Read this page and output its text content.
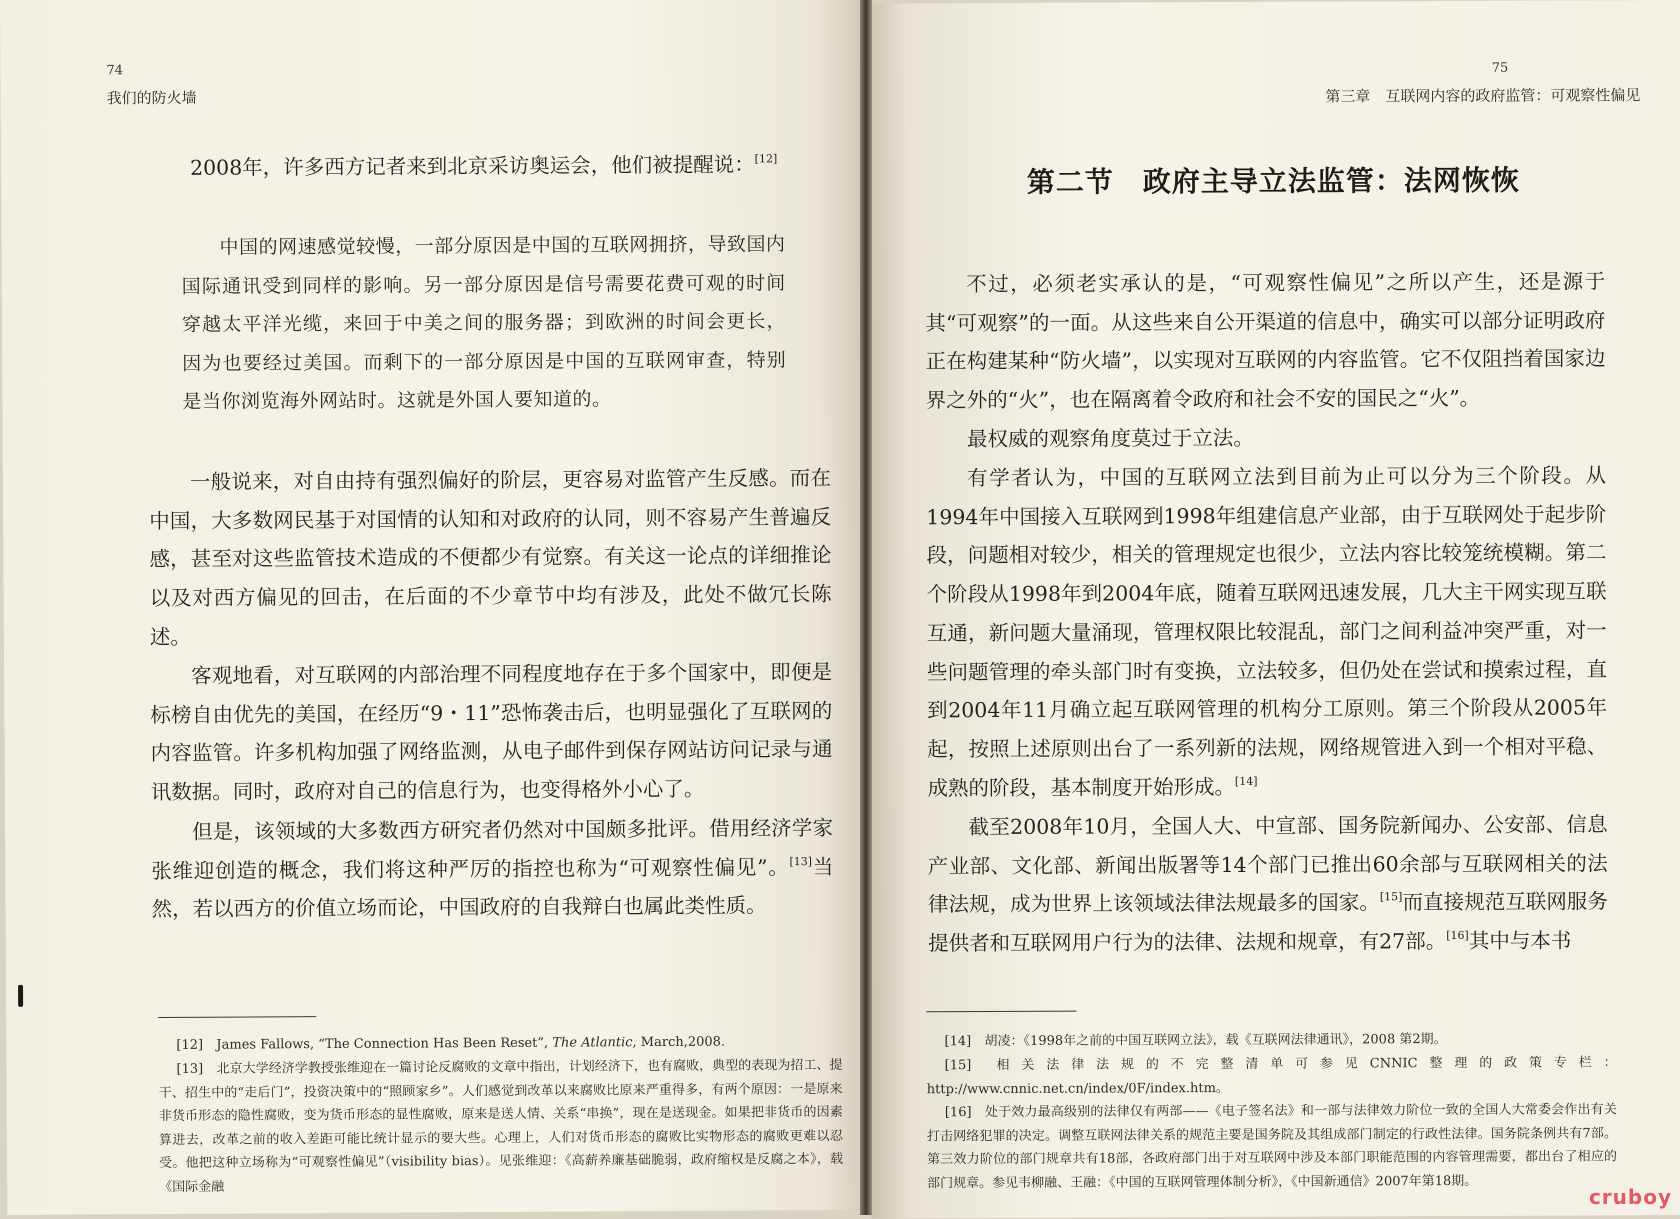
74
我们的防火墙

2008年，许多西方记者来到北京采访奥运会，他们被提醒说：[12]

中国的网速感觉较慢，一部分原因是中国的互联网拥挤，导致国内国际通讯受到同样的影响。另一部分原因是信号需要花费可观的时间穿越太平洋光缆，来回于中美之间的服务器；到欧洲的时间会更长，因为也要经过美国。而剩下的一部分原因是中国的互联网审查，特别是当你浏览海外网站时。这就是外国人要知道的。

一般说来，对自由持有强烈偏好的阶层，更容易对监管产生反感。而在中国，大多数网民基于对国情的认知和对政府的认同，则不容易产生普遍反感，甚至对这些监管技术造成的不便都少有觉察。有关这一论点的详细推论以及对西方偏见的回击，在后面的不少章节中均有涉及，此处不做冗长陈述。

客观地看，对互联网的内部治理不同程度地存在于多个国家中，即便是标榜自由优先的美国，在经历“9・11”恐怖袭击后，也明显强化了互联网的内容监管。许多机构加强了网络监测，从电子邮件到保存网站访问记录与通讯数据。同时，政府对自己的信息行为，也变得格外小心了。

但是，该领域的大多数西方研究者仍然对中国颇多批评。借用经济学家张维迎创造的概念，我们将这种严厉的指控也称为“可观察性偏见”。[13]当然，若以西方的价值立场而论，中国政府的自我辩白也属此类性质。

[12] James Fallows, “The Connection Has Been Reset”, The Atlantic, March,2008.

[13] 北京大学经济学教授张维迎在一篇讨论反腐败的文章中指出，计划经济下，也有腐败，典型的表现为招工、提干、招生中的“走后门”，投资决策中的“照顾家乡”。人们感觉到改革以来腐败比原来严重得多，有两个原因：一是原来非货币形态的隐性腐败，变为货币形态的显性腐败，原来是送人情、关系“串换”，现在是送现金。如果把非货币的因素算进去，改革之前的收入差距可能比统计显示的要大些。心理上，人们对货币形态的腐败比实物形态的腐败更难以忍受。他把这种立场称为“可观察性偏见”（visibility bias）。见张维迎：《高薪养廉基础脆弱，政府缩权是反腐之本》，载《国际金融

75
第三章　互联网内容的政府监管：可观察性偏见
第二节　政府主导立法监管：法网恢恢

不过，必须老实承认的是，“可观察性偏见”之所以产生，还是源于其“可观察”的一面。从这些来自公开渠道的信息中，确实可以部分证明政府正在构建某种“防火墙”，以实现对互联网的内容监管。它不仅阻挡着国家边界之外的“火”，也在隔离着令政府和社会不安的国民之“火”。

最权威的观察角度莫过于立法。

有学者认为，中国的互联网立法到目前为止可以分为三个阶段。从1994年中国接入互联网到1998年组建信息产业部，由于互联网处于起步阶段，问题相对较少，相关的管理规定也很少，立法内容比较笼统模糊。第二个阶段从1998年到2004年底，随着互联网迅速发展，几大主干网实现互联互通，新问题大量涌现，管理权限比较混乱，部门之间利益冲突严重，对一些问题管理的牵头部门时有变换，立法较多，但仍处在尝试和摸索过程，直到2004年11月确立起互联网管理的机构分工原则。第三个阶段从2005年起，按照上述原则出台了一系列新的法规，网络规管进入到一个相对平稳、成熟的阶段，基本制度开始形成。[14]

截至2008年10月，全国人大、中宣部、国务院新闻办、公安部、信息产业部、文化部、新闻出版署等14个部门已推出60余部与互联网相关的法律法规，成为世界上该领域法律法规最多的国家。[15]而直接规范互联网服务提供者和互联网用户行为的法律、法规和规章，有27部。[16]其中与本书

[14] 胡凌：《1998年之前的中国互联网立法》，载《互联网法律通讯》，2008 第2期。

[15] 相关法律法规的不完整清单可参见CNNIC整理的政策专栏：http://www.cnnic.net.cn/index/0F/index.htm。

[16] 处于效力最高级别的法律仅有两部——《电子签名法》和一部与法律效力阶位一致的全国人大常委会作出有关打击网络犯罪的决定。调整互联网法律关系的规范主要是国务院及其组成部门制定的行政性法律。国务院条例共有7部。第三效力阶位的部门规章共有18部，各政府部门出于对互联网中涉及本部门职能范围的内容管理需要，都出台了相应的部门规章。参见韦柳融、王融：《中国的互联网管理体制分析》，《中国新通信》2007年第18期。

cruboy
